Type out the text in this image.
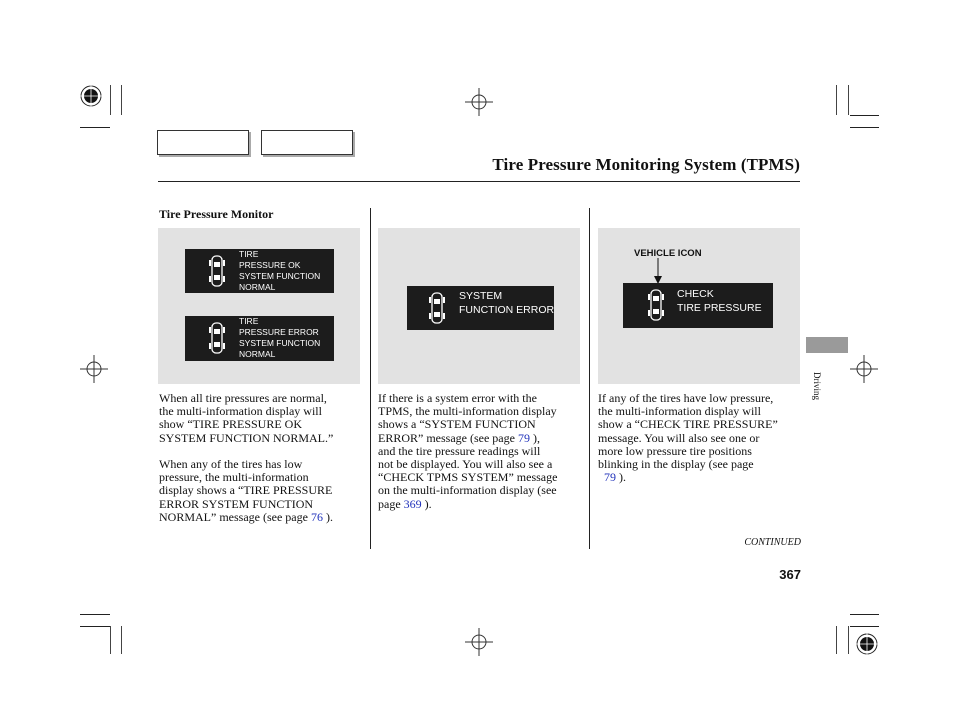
Tire Pressure Monitoring System (TPMS)
Tire Pressure Monitor
TIRE
PRESSURE OK
SYSTEM FUNCTION
NORMAL
TIRE
PRESSURE ERROR
SYSTEM FUNCTION
NORMAL
SYSTEM
FUNCTION ERROR
CHECK
TIRE PRESSURE
VEHICLE ICON
When all tire pressures are normal,
the multi-information display will
show “TIRE PRESSURE OK
SYSTEM FUNCTION NORMAL.”
When any of the tires has low
pressure, the multi-information
display shows a “TIRE PRESSURE
ERROR SYSTEM FUNCTION
NORMAL” message (see page 76 ).
If there is a system error with the
TPMS, the multi-information display
shows a “SYSTEM FUNCTION
ERROR” message (see page 79 ),
and the tire pressure readings will
not be displayed. You will also see a
“CHECK TPMS SYSTEM” message
on the multi-information display (see
page 369 ).
If any of the tires have low pressure,
the multi-information display will
show a “CHECK TIRE PRESSURE”
message. You will also see one or
more low pressure tire positions
blinking in the display (see page
79 ).
CONTINUED
367
Driving
